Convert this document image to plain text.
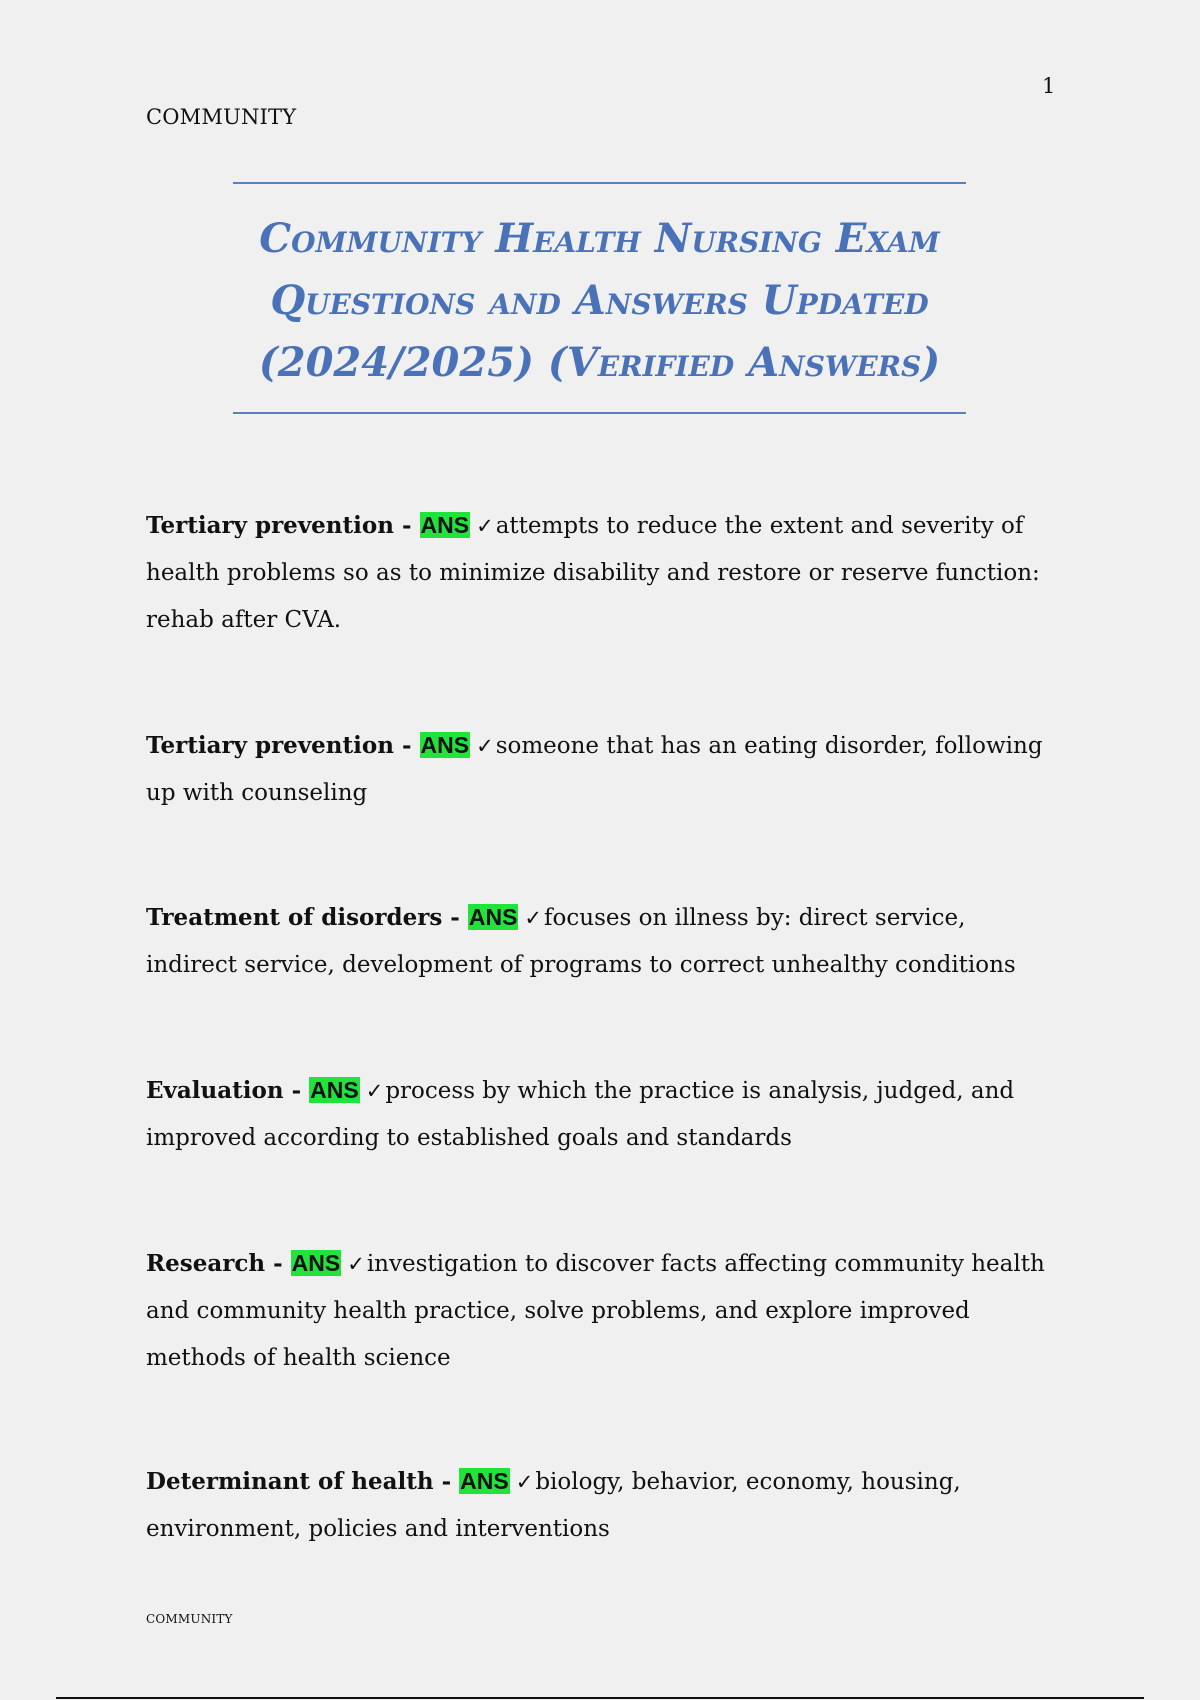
1
COMMUNITY

Community Health Nursing Exam

Questions and Answers Updated

(2024/2025) (Verified Answers)

Tertiary prevention - ANS ✓attempts to reduce the extent and severity of health problems so as to minimize disability and restore or reserve function: rehab after CVA.

Tertiary prevention - ANS ✓someone that has an eating disorder, following up with counseling

Treatment of disorders - ANS ✓focuses on illness by: direct service, indirect service, development of programs to correct unhealthy conditions

Evaluation - ANS ✓process by which the practice is analysis, judged, and improved according to established goals and standards

Research - ANS ✓investigation to discover facts affecting community health and community health practice, solve problems, and explore improved methods of health science

Determinant of health - ANS ✓biology, behavior, economy, housing, environment, policies and interventions

COMMUNITY
